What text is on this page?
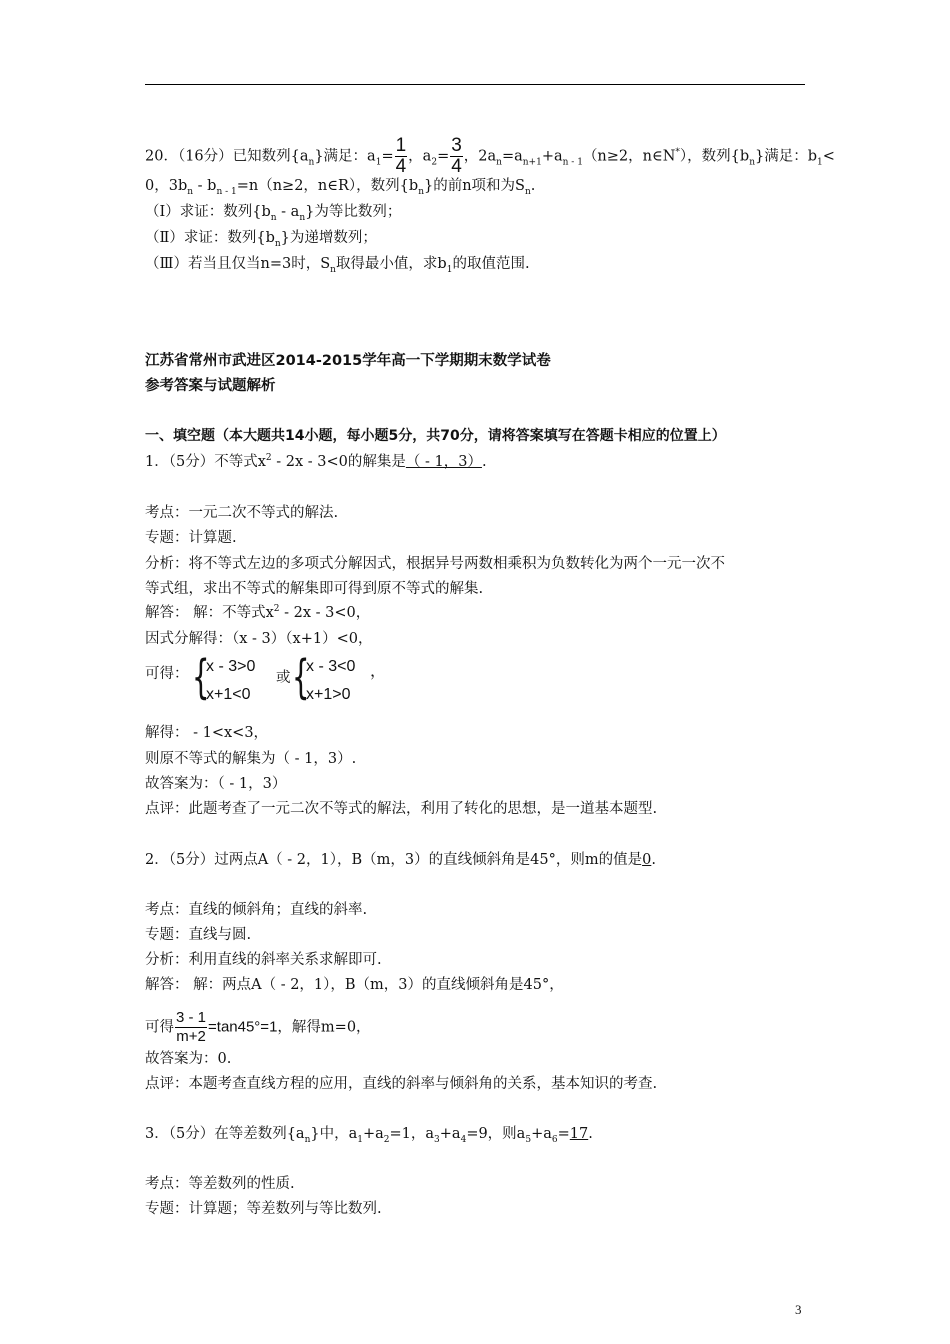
20．（16分）已知数列$\{a_n\}$满足：$a_1= \frac{1}{4}$ ，$a_2= \frac{3}{4}$ ，$2a_n=a_{n+1}+a_{n - 1}(n\ge 2$，n∈N*），数列$\{b_n\}$满足：$b_1<$
0，$3b_n - b_{n - 1}=n(n\ge 2$，n∈R），数列$\{b_n\}$的前n项和为$S_n$.
（Ⅰ）求证：数列$\{b_n - a_n\}$为等比数列；
（Ⅱ）求证：数列$\{b_n\}$为递增数列；
（Ⅲ）若当且仅当n=3时，$S_n$取得最小值，求$b_1$的取值范围.
江苏省常州市武进区2014-2015学年高一下学期期末数学试卷
参考答案与试题解析
一、填空题（本大题共14小题，每小题5分，共70分，请将答案填写在答题卡相应的位置上）
1．（5分）不等式$x^2 - 2x - 3<0$的解集是（ - 1，3）.
考点：一元二次不等式的解法.
专题：计算题.
分析：将不等式左边的多项式分解因式，根据异号两数相乘积为负数转化为两个一元一次不
等式组，求出不等式的解集即可得到原不等式的解集.
解答： 解：不等式$x^2 - 2x - 3<0$，
因式分解得：（x - 3）（x+1）<0，
可得： {
x - 3>0
x+1<0
或 {
x - 3<0
x+1>0
，
解得： - 1<x<3，
则原不等式的解集为（ - 1，3）.
故答案为：（ - 1，3）
点评：此题考查了一元二次不等式的解法，利用了转化的思想，是一道基本题型.
2．（5分）过两点A（ - 2，1），B（m，3）的直线倾斜角是45°，则m的值是0.
考点：直线的倾斜角；直线的斜率.
专题：直线与圆.
分析：利用直线的斜率关系求解即可.
解答： 解：两点A（ - 2，1），B（m，3）的直线倾斜角是45°，
可得 $\frac{3 - 1}{m+2} =\tan 45^\circ=1$，解得m=0，
故答案为：0.
点评：本题考查直线方程的应用，直线的斜率与倾斜角的关系，基本知识的考查.
3．（5分）在等差数列$\{a_n\}$中，$a_1+a_2=1$，$a_3+a_4=9$，则$a_5+a_6=17$.
考点：等差数列的性质.
专题：计算题；等差数列与等比数列.
3
